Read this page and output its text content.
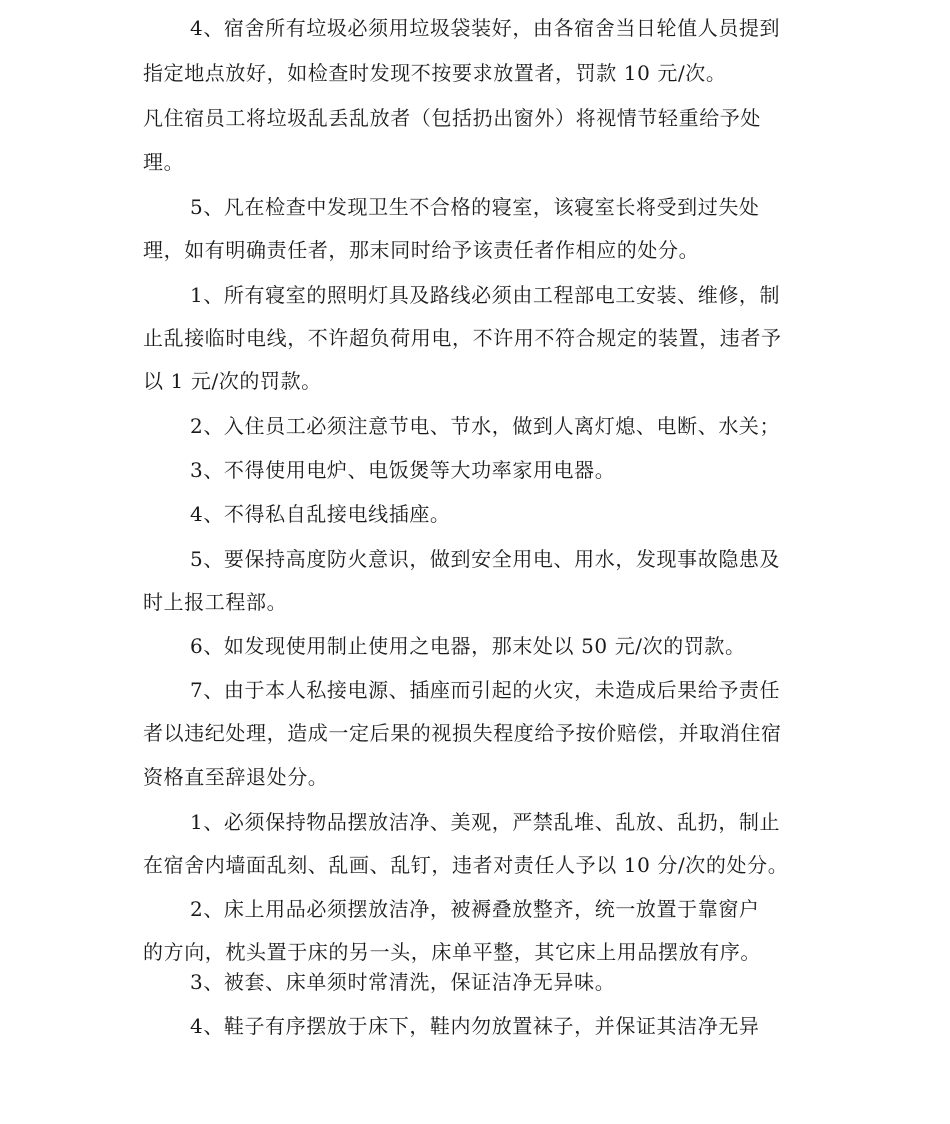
4、宿舍所有垃圾必须用垃圾袋装好，由各宿舍当日轮值人员提到
指定地点放好，如检查时发现不按要求放置者，罚款 10 元/次。
凡住宿员工将垃圾乱丢乱放者（包括扔出窗外）将视情节轻重给予处
理。
5、凡在检查中发现卫生不合格的寝室，该寝室长将受到过失处
理，如有明确责任者，那末同时给予该责任者作相应的处分。
1、所有寝室的照明灯具及路线必须由工程部电工安装、维修，制
止乱接临时电线，不许超负荷用电，不许用不符合规定的装置，违者予
以 1 元/次的罚款。
2、入住员工必须注意节电、节水，做到人离灯熄、电断、水关；
3、不得使用电炉、电饭煲等大功率家用电器。
4、不得私自乱接电线插座。
5、要保持高度防火意识，做到安全用电、用水，发现事故隐患及
时上报工程部。
6、如发现使用制止使用之电器，那末处以 50 元/次的罚款。
7、由于本人私接电源、插座而引起的火灾，未造成后果给予责任
者以违纪处理，造成一定后果的视损失程度给予按价赔偿，并取消住宿
资格直至辞退处分。
1、必须保持物品摆放洁净、美观，严禁乱堆、乱放、乱扔，制止
在宿舍内墙面乱刻、乱画、乱钉，违者对责任人予以 10 分/次的处分。
2、床上用品必须摆放洁净，被褥叠放整齐，统一放置于靠窗户
的方向，枕头置于床的另一头，床单平整，其它床上用品摆放有序。
3、被套、床单须时常清洗，保证洁净无异味。
4、鞋子有序摆放于床下，鞋内勿放置袜子，并保证其洁净无异
